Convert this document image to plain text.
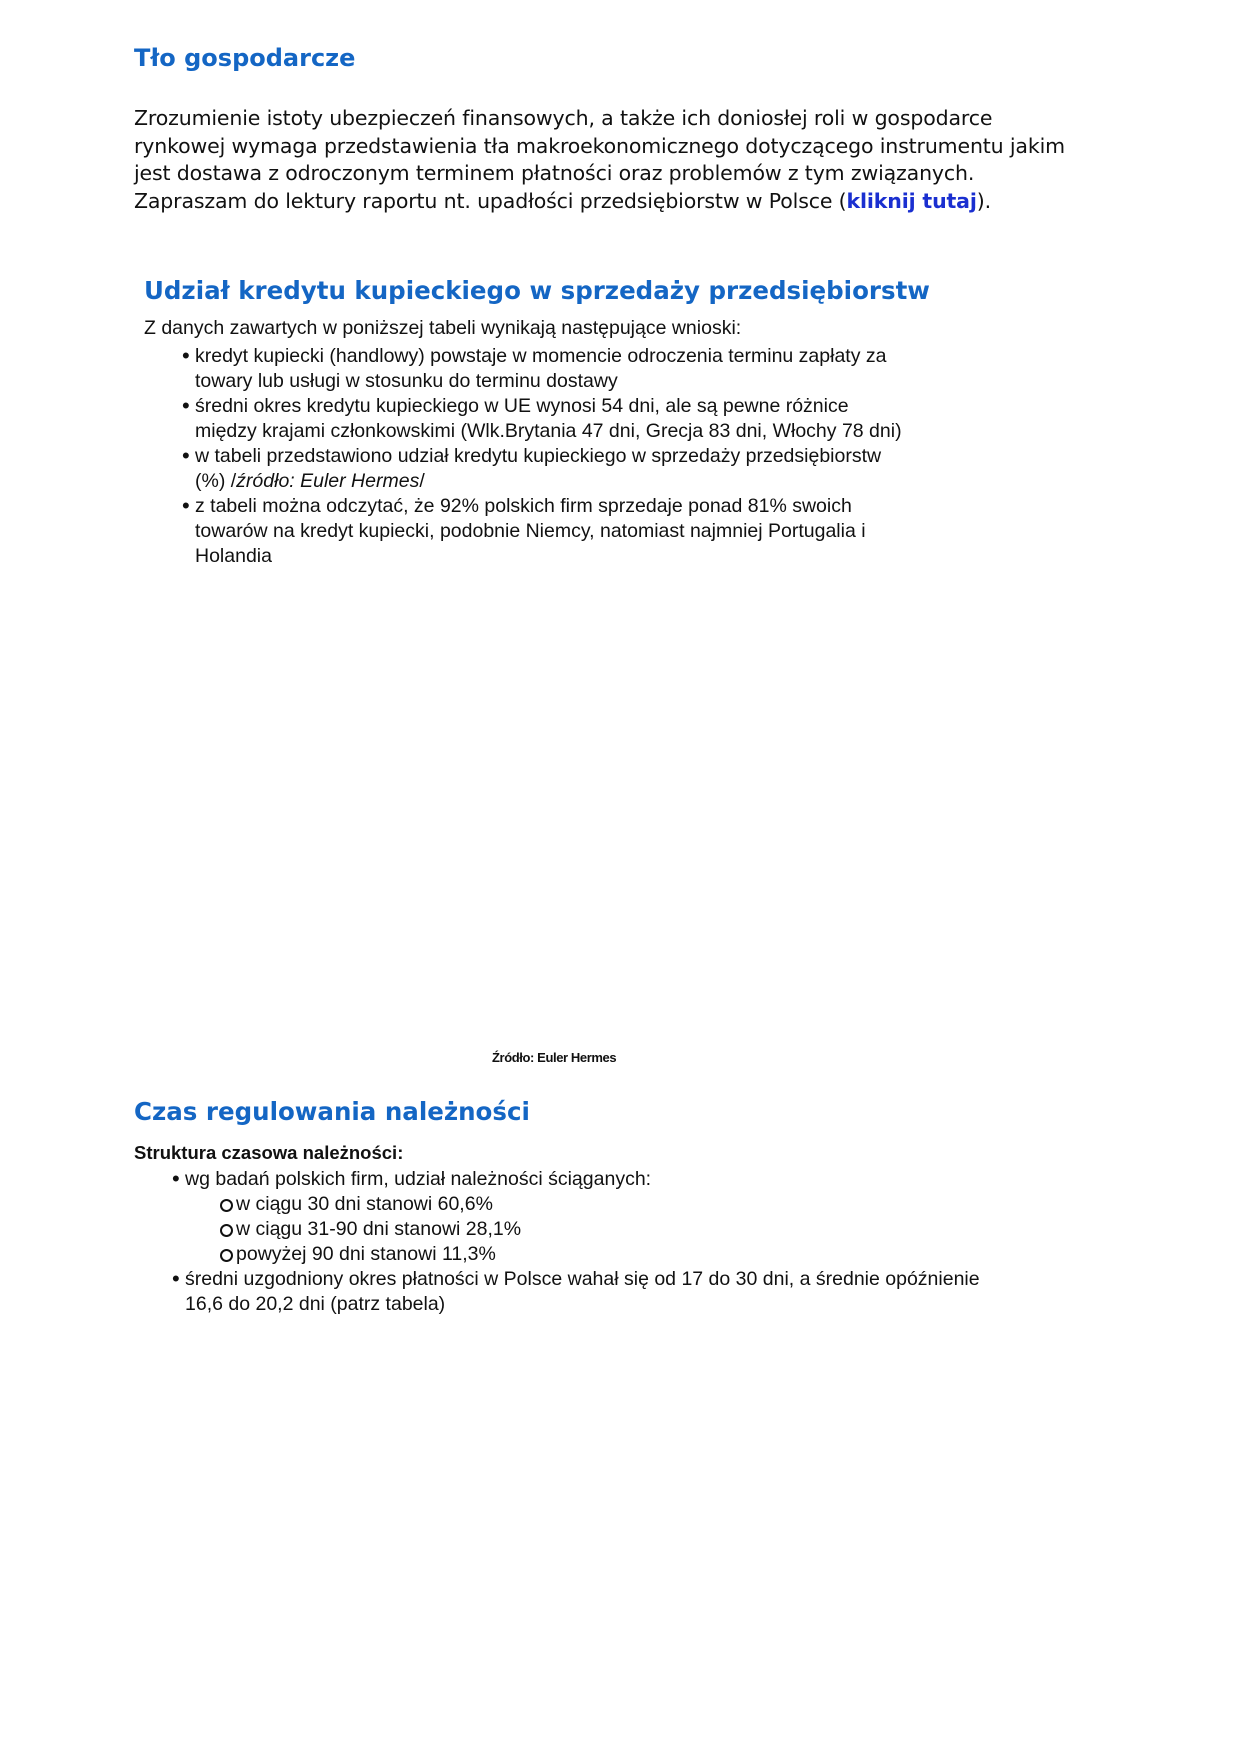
Tło gospodarcze
Zrozumienie istoty ubezpieczeń finansowych, a także ich doniosłej roli w gospodarce
rynkowej wymaga przedstawienia tła makroekonomicznego dotyczącego instrumentu jakim
jest dostawa z odroczonym terminem płatności oraz problemów z tym związanych.
Zapraszam do lektury raportu nt. upadłości przedsiębiorstw w Polsce (kliknij tutaj).
Udział kredytu kupieckiego w sprzedaży przedsiębiorstw
Z danych zawartych w poniższej tabeli wynikają następujące wnioski:
• kredyt kupiecki (handlowy) powstaje w momencie odroczenia terminu zapłaty za
towary lub usługi w stosunku do terminu dostawy
• średni okres kredytu kupieckiego w UE wynosi 54 dni, ale są pewne różnice
między krajami członkowskimi (Wlk.Brytania 47 dni, Grecja 83 dni, Włochy 78 dni)
• w tabeli przedstawiono udział kredytu kupieckiego w sprzedaży przedsiębiorstw
(%) /źródło: Euler Hermes/
• z tabeli można odczytać, że 92% polskich firm sprzedaje ponad 81% swoich
towarów na kredyt kupiecki, podobnie Niemcy, natomiast najmniej Portugalia i
Holandia
Źródło: Euler Hermes
Czas regulowania należności
Struktura czasowa należności:
• wg badań polskich firm, udział należności ściąganych:
w ciągu 30 dni stanowi 60,6%
w ciągu 31-90 dni stanowi 28,1%
powyżej 90 dni stanowi 11,3%
• średni uzgodniony okres płatności w Polsce wahał się od 17 do 30 dni, a średnie opóźnienie
16,6 do 20,2 dni (patrz tabela)
